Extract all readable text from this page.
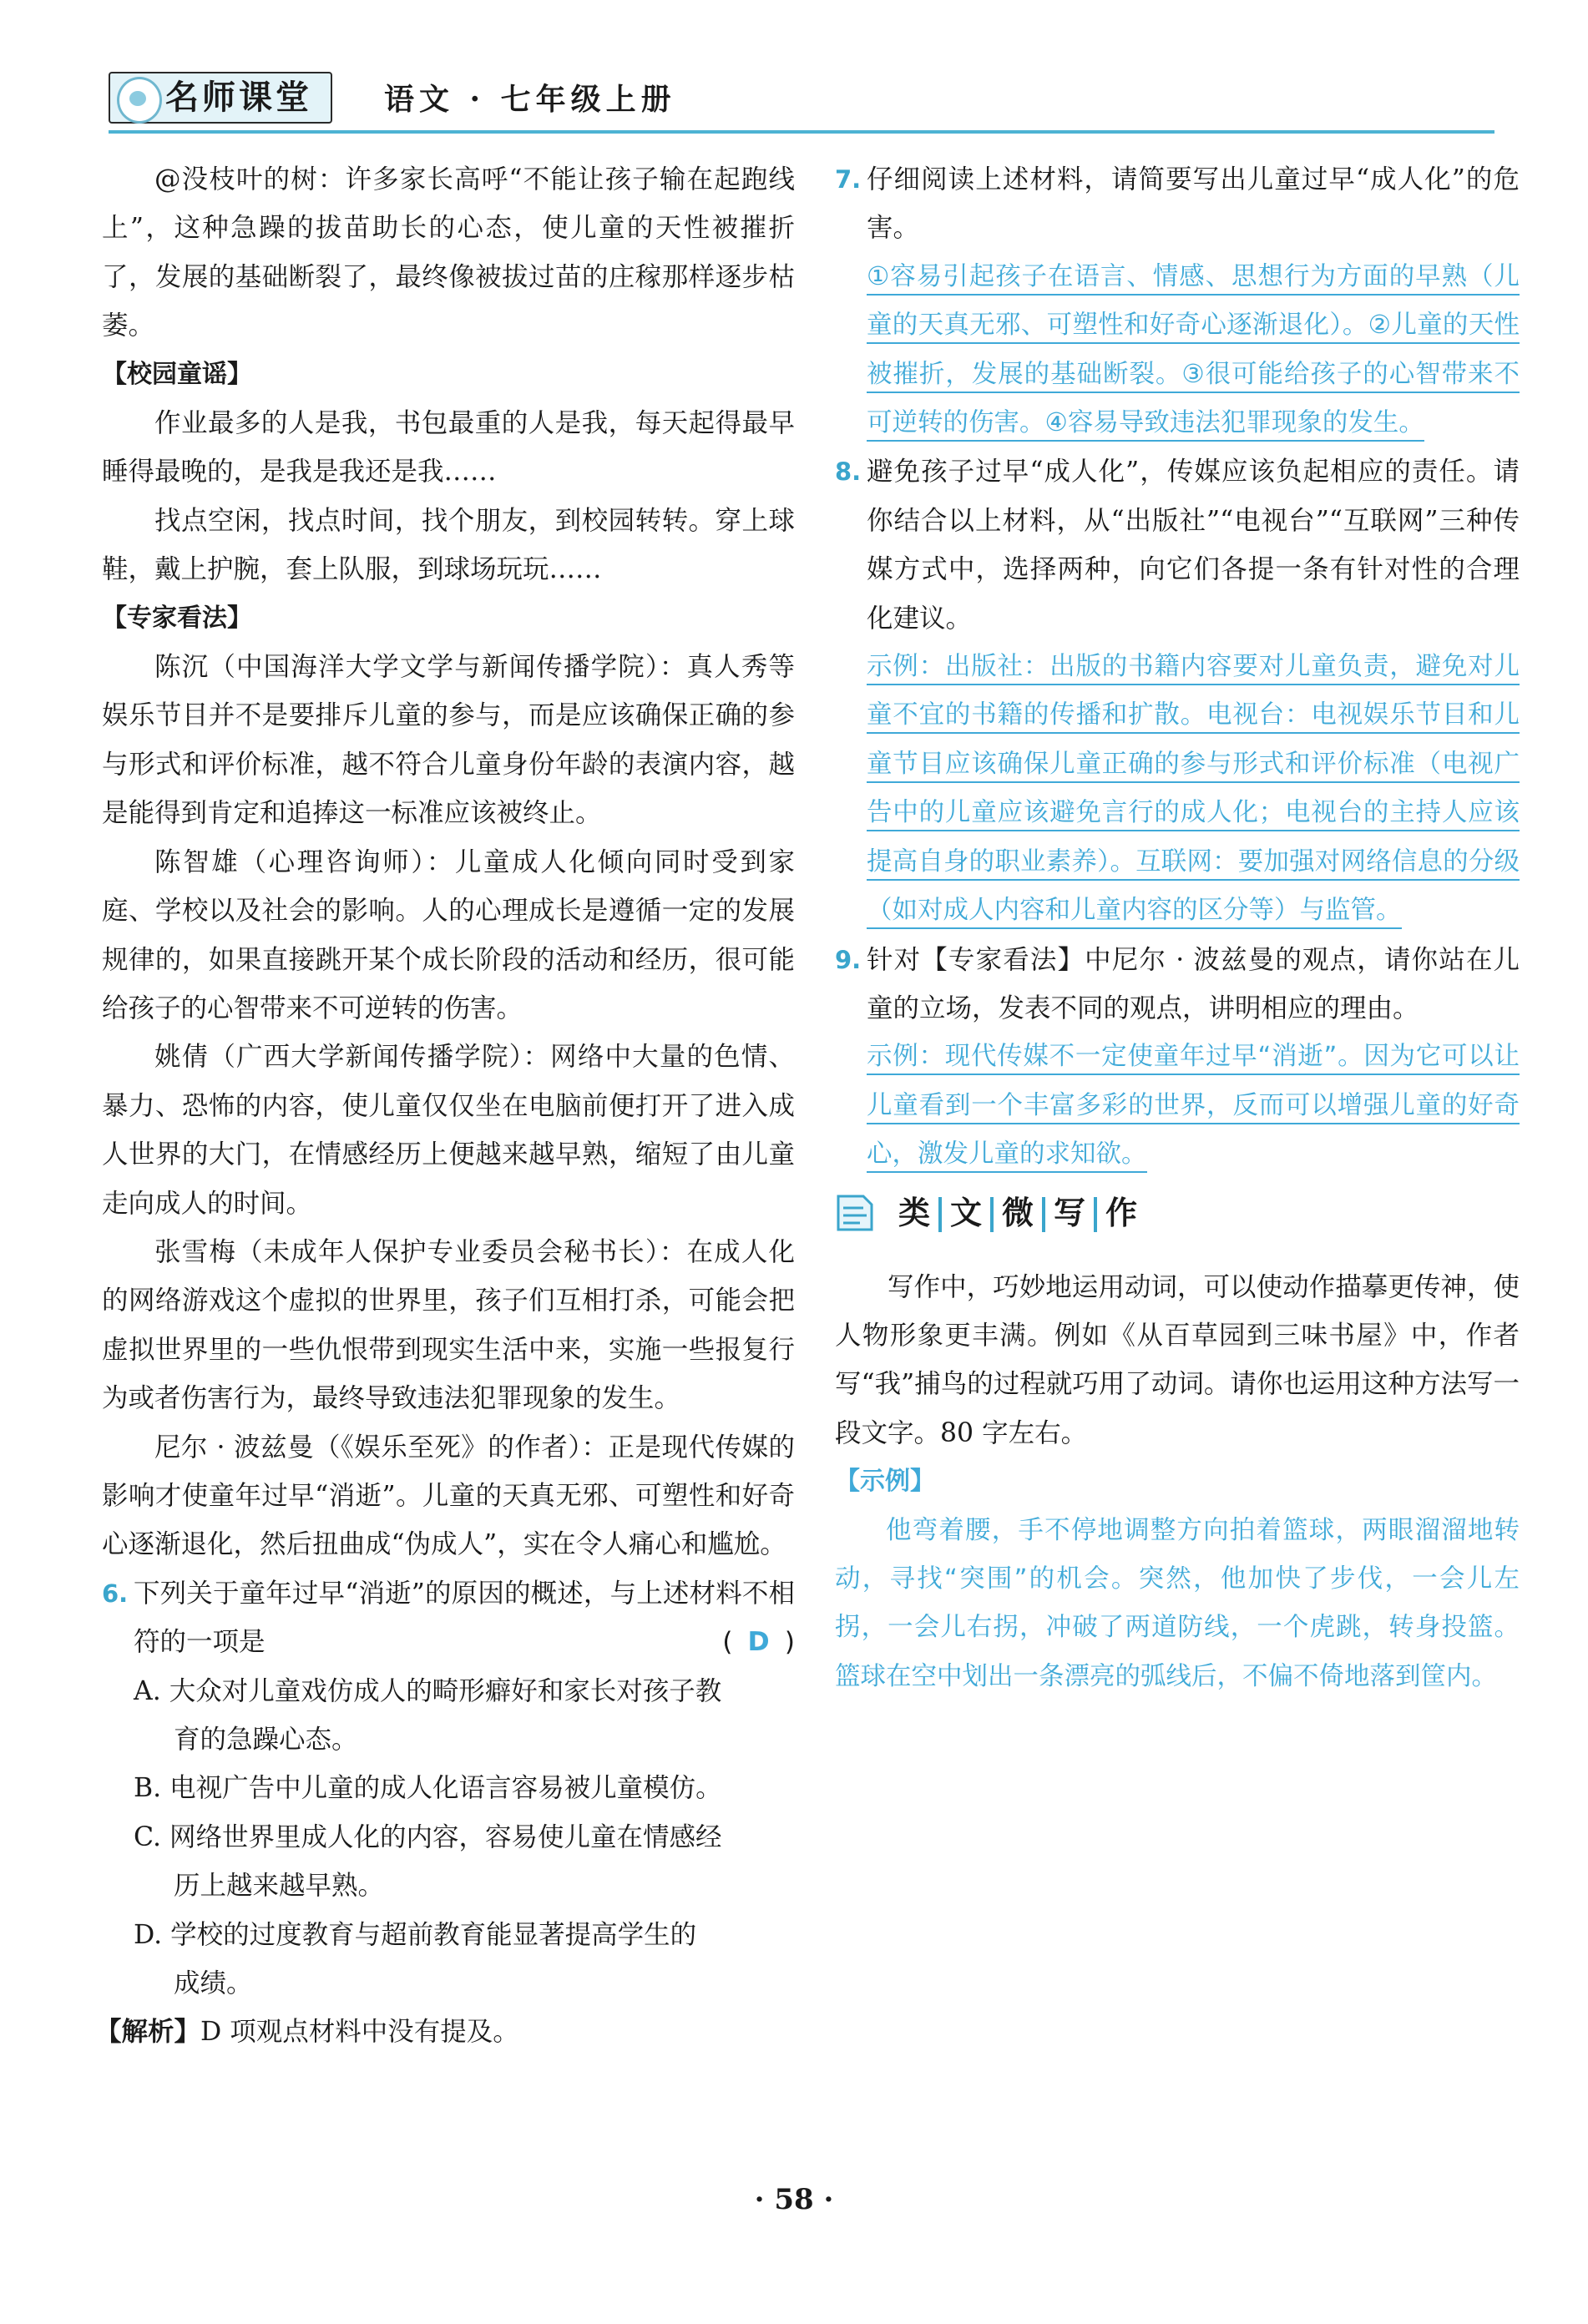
名师课堂	语文 · 七年级上册

@没枝叶的树：许多家长高呼“不能让孩子输在起跑线上”，这种急躁的拔苗助长的心态，使儿童的天性被摧折了，发展的基础断裂了，最终像被拔过苗的庄稼那样逐步枯萎。

【校园童谣】

作业最多的人是我，书包最重的人是我，每天起得最早睡得最晚的，是我是我还是我……

找点空闲，找点时间，找个朋友，到校园转转。穿上球鞋，戴上护腕，套上队服，到球场玩玩……

【专家看法】

陈沉（中国海洋大学文学与新闻传播学院）：真人秀等娱乐节目并不是要排斥儿童的参与，而是应该确保正确的参与形式和评价标准，越不符合儿童身份年龄的表演内容，越是能得到肯定和追捧这一标准应该被终止。

陈智雄（心理咨询师）：儿童成人化倾向同时受到家庭、学校以及社会的影响。人的心理成长是遵循一定的发展规律的，如果直接跳开某个成长阶段的活动和经历，很可能给孩子的心智带来不可逆转的伤害。

姚倩（广西大学新闻传播学院）：网络中大量的色情、暴力、恐怖的内容，使儿童仅仅坐在电脑前便打开了进入成人世界的大门，在情感经历上便越来越早熟，缩短了由儿童走向成人的时间。

张雪梅（未成年人保护专业委员会秘书长）：在成人化的网络游戏这个虚拟的世界里，孩子们互相打杀，可能会把虚拟世界里的一些仇恨带到现实生活中来，实施一些报复行为或者伤害行为，最终导致违法犯罪现象的发生。

尼尔 · 波兹曼（《娱乐至死》的作者）：正是现代传媒的影响才使童年过早“消逝”。儿童的天真无邪、可塑性和好奇心逐渐退化，然后扭曲成“伪成人”，实在令人痛心和尴尬。

6. 下列关于童年过早“消逝”的原因的概述，与上述材料不相符的一项是	( D )

A. 大众对儿童戏仿成人的畸形癖好和家长对孩子教

育的急躁心态。

B. 电视广告中儿童的成人化语言容易被儿童模仿。

C. 网络世界里成人化的内容，容易使儿童在情感经

历上越来越早熟。

D. 学校的过度教育与超前教育能显著提高学生的

成绩。

【解析】D 项观点材料中没有提及。

7. 仔细阅读上述材料，请简要写出儿童过早“成人化”的危害。

①容易引起孩子在语言、情感、思想行为方面的早熟（儿童的天真无邪、可塑性和好奇心逐渐退化）。②儿童的天性被摧折，发展的基础断裂。③很可能给孩子的心智带来不可逆转的伤害。④容易导致违法犯罪现象的发生。

8. 避免孩子过早“成人化”，传媒应该负起相应的责任。请你结合以上材料，从“出版社”“电视台”“互联网”三种传媒方式中，选择两种，向它们各提一条有针对性的合理化建议。

示例：出版社：出版的书籍内容要对儿童负责，避免对儿童不宜的书籍的传播和扩散。电视台：电视娱乐节目和儿童节目应该确保儿童正确的参与形式和评价标准（电视广告中的儿童应该避免言行的成人化；电视台的主持人应该提高自身的职业素养）。互联网：要加强对网络信息的分级（如对成人内容和儿童内容的区分等）与监管。

9. 针对【专家看法】中尼尔 · 波兹曼的观点，请你站在儿童的立场，发表不同的观点，讲明相应的理由。

示例：现代传媒不一定使童年过早“消逝”。因为它可以让儿童看到一个丰富多彩的世界，反而可以增强儿童的好奇心，激发儿童的求知欲。

类 文 微 写 作

写作中，巧妙地运用动词，可以使动作描摹更传神，使人物形象更丰满。例如《从百草园到三味书屋》中，作者写“我”捕鸟的过程就巧用了动词。请你也运用这种方法写一段文字。80 字左右。

【示例】

他弯着腰，手不停地调整方向拍着篮球，两眼溜溜地转动，寻找“突围”的机会。突然，他加快了步伐，一会儿左拐，一会儿右拐，冲破了两道防线，一个虎跳，转身投篮。篮球在空中划出一条漂亮的弧线后，不偏不倚地落到筐内。

· 58 ·
